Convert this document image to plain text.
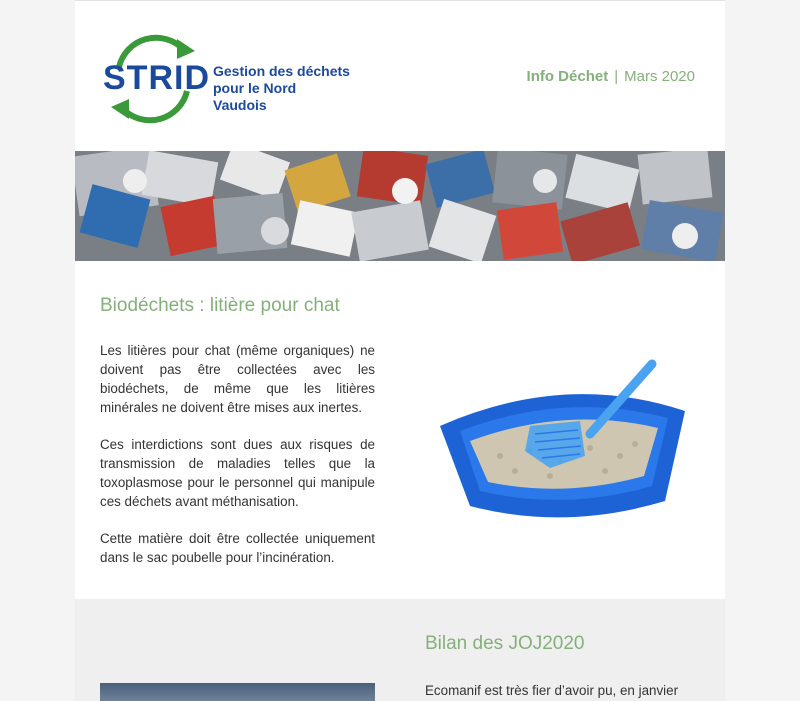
STRID Gestion des déchets
pour le Nord Vaudois
Info Déchet | Mars 2020
Biodéchets : litière pour chat

Les litières pour chat (même organiques) ne doivent pas être collectées avec les biodéchets, de même que les litières minérales ne doivent être mises aux inertes.

Ces interdictions sont dues aux risques de transmission de maladies telles que la toxoplasmose pour le personnel qui manipule ces déchets avant méthanisation.

Cette matière doit être collectée uniquement dans le sac poubelle pour l’incinération.

Bilan des JOJ2020
Ecomanif est très fier d’avoir pu, en janvier
